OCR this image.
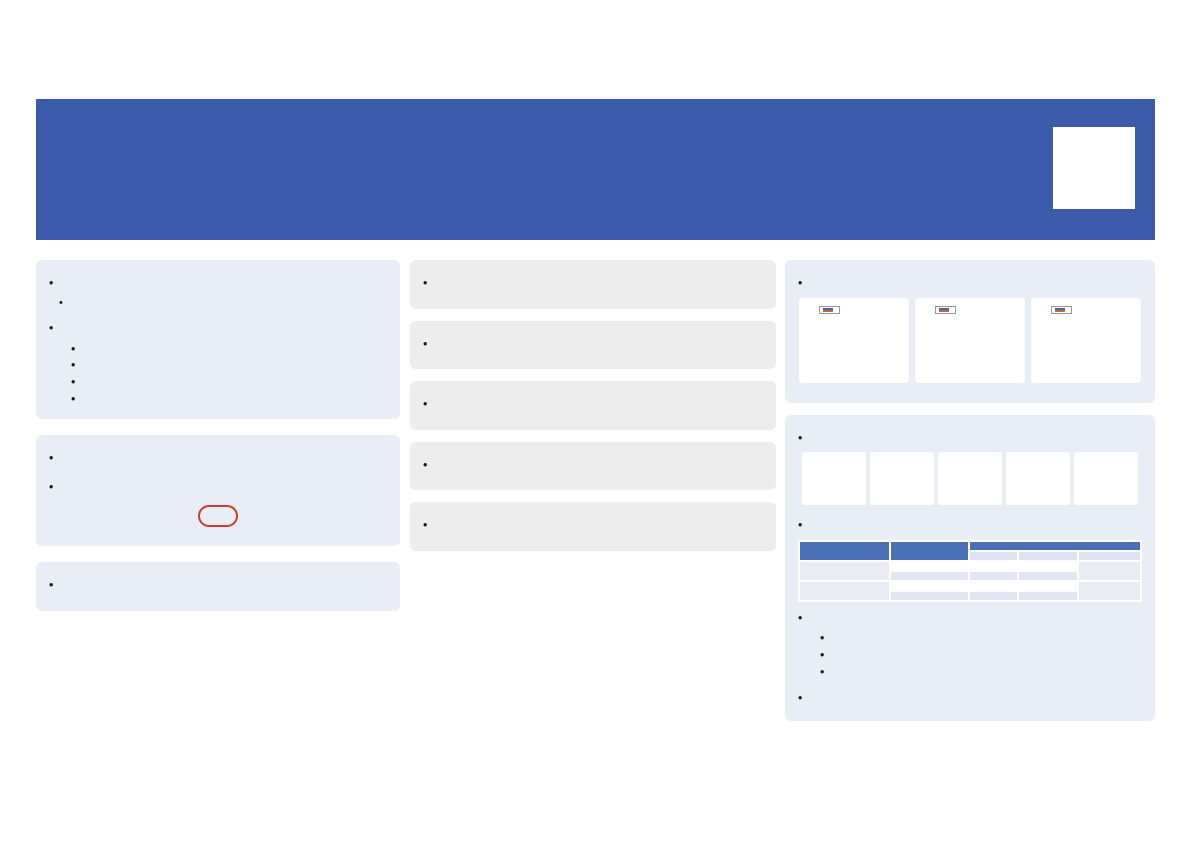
•
•
•
•
•
•
•
•
•
•
•
•
•
•
•
•
•
•

•
•
•
•
•
